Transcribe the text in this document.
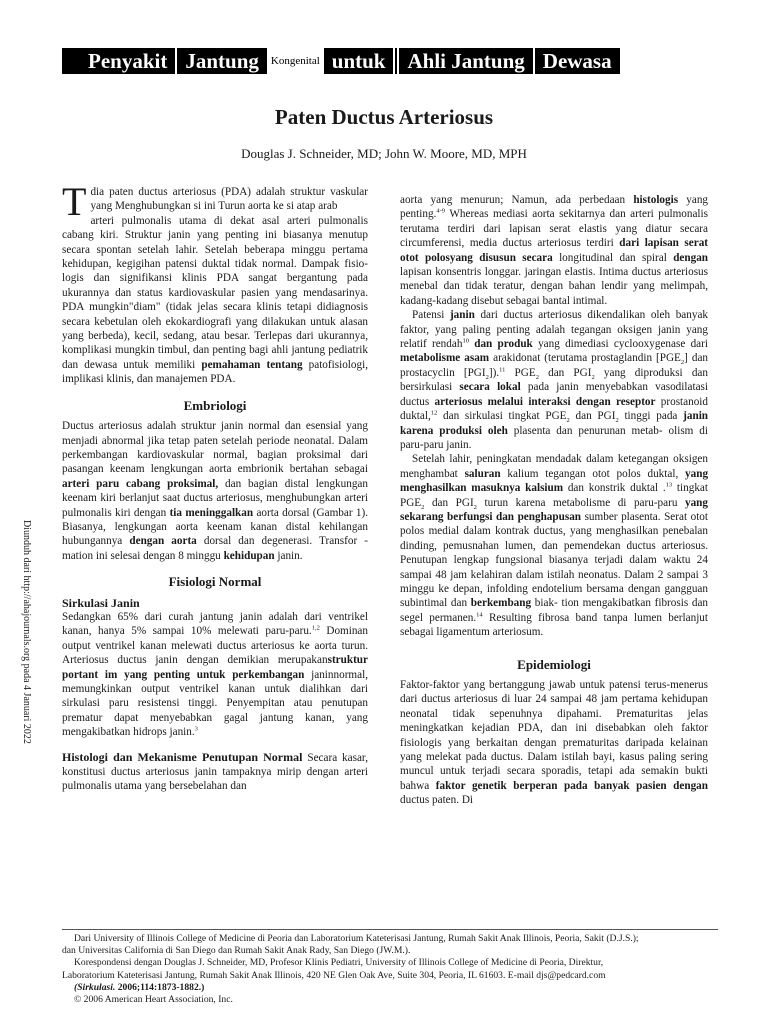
Penyakit Jantung	Kongenital untuk	Ahli Jantung Dewasa
Paten Ductus Arteriosus
Douglas J. Schneider, MD; John W. Moore, MD, MPH

Tdia paten ductus arteriosus (PDA) adalah struktur vaskular yang Menghubungkan si ini Turun aorta ke si atap arab

arteri pulmonalis utama di dekat asal arteri pulmonalis cabang kiri. Struktur janin yang penting ini biasanya menutup secara spontan setelah lahir. Setelah beberapa minggu pertama kehidupan, kegigihan patensi duktal tidak normal. Dampak fisio-logis dan signifikansi klinis PDA sangat bergantung pada ukurannya dan status kardiovaskular pasien yang mendasarinya. PDA mungkin"diam" (tidak jelas secara klinis tetapi didiagnosis secara kebetulan oleh ekokardiografi yang dilakukan untuk alasan yang berbeda), kecil, sedang, atau besar. Terlepas dari ukurannya, komplikasi mungkin timbul, dan penting bagi ahli jantung pediatrik dan dewasa untuk memiliki pemahaman tentang patofisiologi, implikasi klinis, dan manajemen PDA.

Embriologi

Ductus arteriosus adalah struktur janin normal dan esensial yang menjadi abnormal jika tetap paten setelah periode neonatal. Dalam perkembangan kardiovaskular normal, bagian proksimal dari pasangan keenam lengkungan aorta embrionik bertahan sebagai arteri paru cabang proksimal, dan bagian distal lengkungan keenam kiri berlanjut saat ductus arteriosus, menghubungkan arteri pulmonalis kiri dengan tia meninggalkan aorta dorsal (Gambar 1). Biasanya, lengkungan aorta keenam kanan distal kehilangan hubungannya dengan aorta dorsal dan degenerasi. Transfor - mation ini selesai dengan 8 minggu kehidupan janin.

Fisiologi Normal
Sirkulasi Janin

Sedangkan 65% dari curah jantung janin adalah dari ventrikel kanan, hanya 5% sampai 10% melewati paru-paru.$^{1,2}$ Dominan output ventrikel kanan melewati ductus arteriosus ke aorta turun. Arteriosus ductus janin dengan demikian merupakanstruktur portant im yang penting untuk perkembangan janinnormal, memungkinkan output ventrikel kanan untuk dialihkan dari sirkulasi paru resistensi tinggi. Penyempitan atau penutupan prematur dapat menyebabkan gagal jantung kanan, yang mengakibatkan hidrops janin.$^3$

Histologi dan Mekanisme Penutupan Normal Secara kasar, konstitusi ductus arteriosus janin tampaknya mirip dengan arteri pulmonalis utama yang bersebelahan dan

aorta yang menurun; Namun, ada perbedaan histologis yang penting.$^{4-9}$ Whereas mediasi aorta sekitarnya dan arteri pulmonalis terutama terdiri dari lapisan serat elastis yang diatur secara circumferensi, media ductus arteriosus terdiri dari lapisan serat otot polosyang disusun secara longitudinal dan spiral dengan lapisan konsentris longgar. jaringan elastis. Intima ductus arteriosus menebal dan tidak teratur, dengan bahan lendir yang melimpah, kadang-kadang disebut sebagai bantal intimal.

Patensi janin dari ductus arteriosus dikendalikan oleh banyak faktor, yang paling penting adalah tegangan oksigen janin yang relatif rendah$^{10}$ dan produk yang dimediasi cyclooxygenase dari metabolisme asam arakidonat (terutama prostaglandin $[PGE_2]$ dan prostacyclin $[PGI_2]).^{11}$ $PGE_2$ dan $PGI_2$ yang diproduksi dan bersirkulasi secara lokal pada janin menyebabkan vasodilatasi ductus arteriosus melalui interaksi dengan reseptor prostanoid duktal,$^{12}$ dan sirkulasi tingkat $PGE_2$ dan $PGI_2$ tinggi pada janin karena produksi oleh plasenta dan penurunan metab- olism di paru-paru janin.

Setelah lahir, peningkatan mendadak dalam ketegangan oksigen menghambat saluran kalium tegangan otot polos duktal, yang menghasilkan masuknya kalsium dan konstrik duktal .$^{13}$ tingkat $PGE_2$ dan $PGI_2$ turun karena metabolisme di paru-paru yang sekarang berfungsi dan penghapusan sumber plasenta. Serat otot polos medial dalam kontrak ductus, yang menghasilkan penebalan dinding, pemusnahan lumen, dan pemendekan ductus arteriosus. Penutupan lengkap fungsional biasanya terjadi dalam waktu 24 sampai 48 jam kelahiran dalam istilah neonatus. Dalam 2 sampai 3 minggu ke depan, infolding endotelium bersama dengan gangguan subintimal dan berkembang biak- tion mengakibatkan fibrosis dan segel permanen.$^{14}$ Resulting fibrosa band tanpa lumen berlanjut sebagai ligamentum arteriosum.

Epidemiologi

Faktor-faktor yang bertanggung jawab untuk patensi terus-menerus dari ductus arteriosus di luar 24 sampai 48 jam pertama kehidupan neonatal tidak sepenuhnya dipahami. Prematuritas jelas meningkatkan kejadian PDA, dan ini disebabkan oleh faktor fisiologis yang berkaitan dengan prematuritas daripada kelainan yang melekat pada ductus. Dalam istilah bayi, kasus paling sering muncul untuk terjadi secara sporadis, tetapi ada semakin bukti bahwa faktor genetik berperan pada banyak pasien dengan ductus paten. Di

Diunduh dari http://ahajournals.org pada 4 Januari 2022

Dari University of Illinois College of Medicine di Peoria dan Laboratorium Kateterisasi Jantung, Rumah Sakit Anak Illinois, Peoria, Sakit (D.J.S.);

dan Universitas California di San Diego dan Rumah Sakit Anak Rady, San Diego (JW.M.).

Korespondensi dengan Douglas J. Schneider, MD, Profesor Klinis Pediatri, University of Illinois College of Medicine di Peoria, Direktur,

Laboratorium Kateterisasi Jantung, Rumah Sakit Anak Illinois, 420 NE Glen Oak Ave, Suite 304, Peoria, IL 61603. E-mail djs@pedcard.com

(Sirkulasi. 2006;114:1873-1882.)

© 2006 American Heart Association, Inc.
